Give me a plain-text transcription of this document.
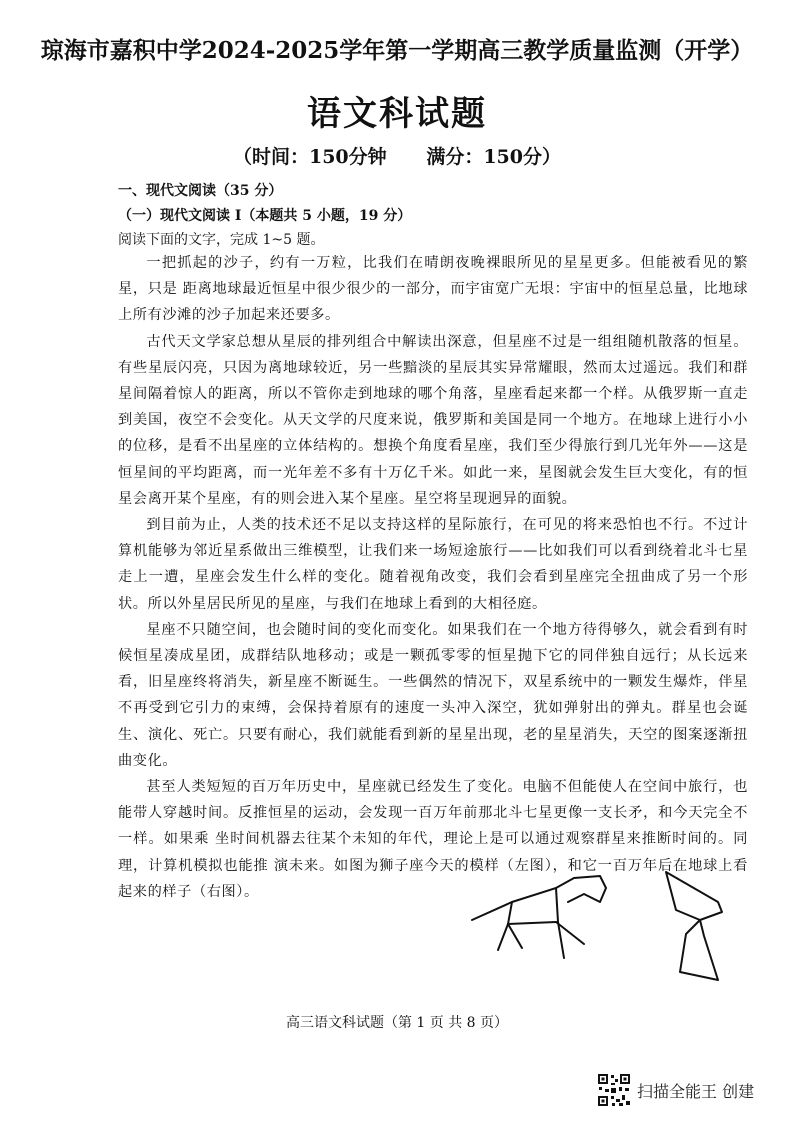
琼海市嘉积中学2024-2025学年第一学期高三教学质量监测（开学）
语文科试题
（时间：150分钟      满分：150分）
一、现代文阅读（35 分）
（一）现代文阅读 I（本题共 5 小题，19 分）
阅读下面的文字，完成 1~5 题。

一把抓起的沙子，约有一万粒，比我们在晴朗夜晚裸眼所见的星星更多。但能被看见的繁星，只是 距离地球最近恒星中很少很少的一部分，而宇宙宽广无垠：宇宙中的恒星总量，比地球上所有沙滩的沙子加起来还要多。

古代天文学家总想从星辰的排列组合中解读出深意，但星座不过是一组组随机散落的恒星。有些星辰闪亮，只因为离地球较近，另一些黯淡的星辰其实异常耀眼，然而太过遥远。我们和群星间隔着惊人的距离，所以不管你走到地球的哪个角落，星座看起来都一个样。从俄罗斯一直走到美国，夜空不会变化。从天文学的尺度来说，俄罗斯和美国是同一个地方。在地球上进行小小的位移，是看不出星座的立体结构的。想换个角度看星座，我们至少得旅行到几光年外——这是恒星间的平均距离，而一光年差不多有十万亿千米。如此一来，星图就会发生巨大变化，有的恒星会离开某个星座，有的则会进入某个星座。星空将呈现迥异的面貌。

到目前为止，人类的技术还不足以支持这样的星际旅行，在可见的将来恐怕也不行。不过计算机能够为邻近星系做出三维模型，让我们来一场短途旅行——比如我们可以看到绕着北斗七星走上一遭，星座会发生什么样的变化。随着视角改变，我们会看到星座完全扭曲成了另一个形状。所以外星居民所见的星座，与我们在地球上看到的大相径庭。

星座不只随空间，也会随时间的变化而变化。如果我们在一个地方待得够久，就会看到有时候恒星凑成星团，成群结队地移动；或是一颗孤零零的恒星抛下它的同伴独自远行；从长远来看，旧星座终将消失，新星座不断诞生。一些偶然的情况下，双星系统中的一颗发生爆炸，伴星不再受到它引力的束缚，会保持着原有的速度一头冲入深空，犹如弹射出的弹丸。群星也会诞生、演化、死亡。只要有耐心，我们就能看到新的星星出现，老的星星消失，天空的图案逐渐扭曲变化。

甚至人类短短的百万年历史中，星座就已经发生了变化。电脑不但能使人在空间中旅行，也能带人穿越时间。反推恒星的运动，会发现一百万年前那北斗七星更像一支长矛，和今天完全不一样。如果乘 坐时间机器去往某个未知的年代，理论上是可以通过观察群星来推断时间的。同理，计算机模拟也能推 演未来。如图为狮子座今天的模样（左图），和它一百万年后在地球上看起来的样子（右图）。

高三语文科试题（第 1 页 共 8 页）
扫描全能王 创建
